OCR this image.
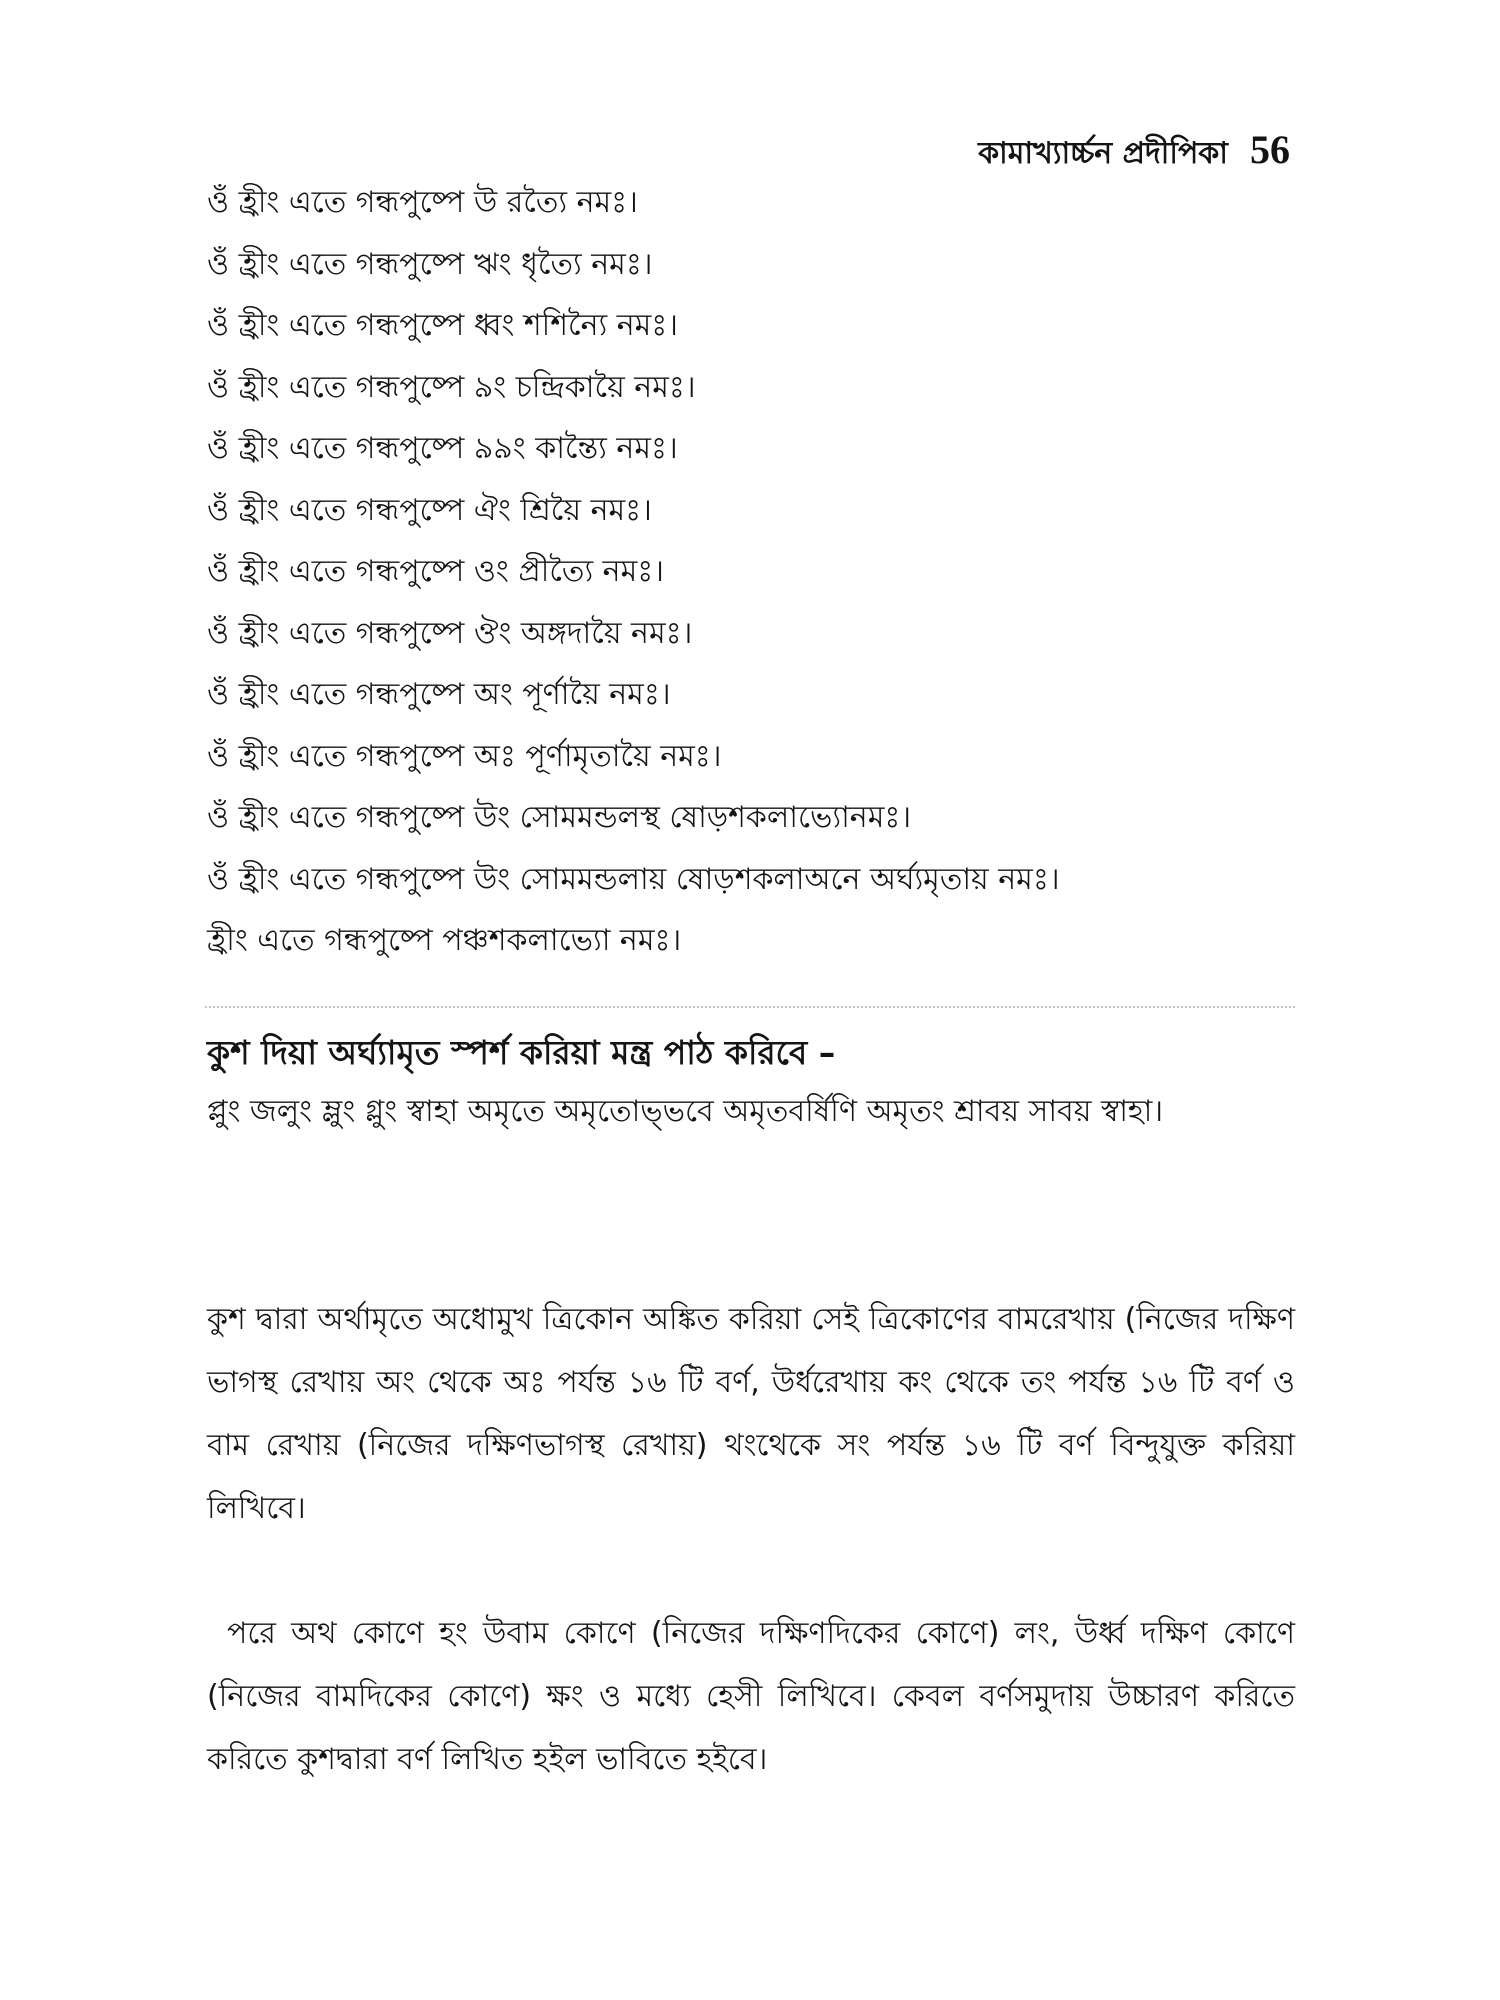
কামাখ্যার্চ্চন প্রদীপিকা 56
ওঁ হ্রীং এতে গন্ধপুষ্পে উ রত্যৈ নমঃ।
ওঁ হ্রীং এতে গন্ধপুষ্পে ঋং ধৃত্যৈ নমঃ।
ওঁ হ্রীং এতে গন্ধপুষ্পে ধ্বং শশিন্যৈ নমঃ।
ওঁ হ্রীং এতে গন্ধপুষ্পে ৯ং চন্দ্রিকায়ৈ নমঃ।
ওঁ হ্রীং এতে গন্ধপুষ্পে ৯৯ং কান্ত্যৈ নমঃ।
ওঁ হ্রীং এতে গন্ধপুষ্পে ঐং শ্রিয়ৈ নমঃ।
ওঁ হ্রীং এতে গন্ধপুষ্পে ওং প্রীত্যৈ নমঃ।
ওঁ হ্রীং এতে গন্ধপুষ্পে ঔং অঙ্গদায়ৈ নমঃ।
ওঁ হ্রীং এতে গন্ধপুষ্পে অং পূর্ণায়ৈ নমঃ।
ওঁ হ্রীং এতে গন্ধপুষ্পে অঃ পূর্ণামৃতায়ৈ নমঃ।
ওঁ হ্রীং এতে গন্ধপুষ্পে উং সোমমন্ডলস্থ ষোড়শকলাভ্যোনমঃ।
ওঁ হ্রীং এতে গন্ধপুষ্পে উং সোমমন্ডলায় ষোড়শকলাঅনে অর্ঘ্যমৃতায় নমঃ।
হ্রীং এতে গন্ধপুষ্পে পঞ্চশকলাভ্যো নমঃ।
কুশ দিয়া অর্ঘ্যামৃত স্পর্শ করিয়া মন্ত্র পাঠ করিবে –
প্লুং জলুং ম্লুং গ্লুং স্বাহা অমৃতে অমৃতোভ্ভবে অমৃতবর্ষিণি অমৃতং শ্রাবয় সাবয় স্বাহা।

কুশ দ্বারা অর্থামৃতে অধোমুখ ত্রিকোন অঙ্কিত করিয়া সেই ত্রিকোণের বামরেখায় (নিজের দক্ষিণ ভাগস্থ রেখায় অং থেকে অঃ পর্যন্ত ১৬ টি বর্ণ, উর্ধরেখায় কং থেকে তং পর্যন্ত ১৬ টি বর্ণ ও বাম রেখায় (নিজের দক্ষিণভাগস্থ রেখায়) থংথেকে সং পর্যন্ত ১৬ টি বর্ণ বিন্দুযুক্ত করিয়া লিখিবে।

পরে অথ কোণে হং উবাম কোণে (নিজের দক্ষিণদিকের কোণে) লং, উর্ধ্ব দক্ষিণ কোণে (নিজের বামদিকের কোণে) ক্ষং ও মধ্যে হেসী লিখিবে। কেবল বর্ণসমুদায় উচ্চারণ করিতে করিতে কুশদ্বারা বর্ণ লিখিত হইল ভাবিতে হইবে।
